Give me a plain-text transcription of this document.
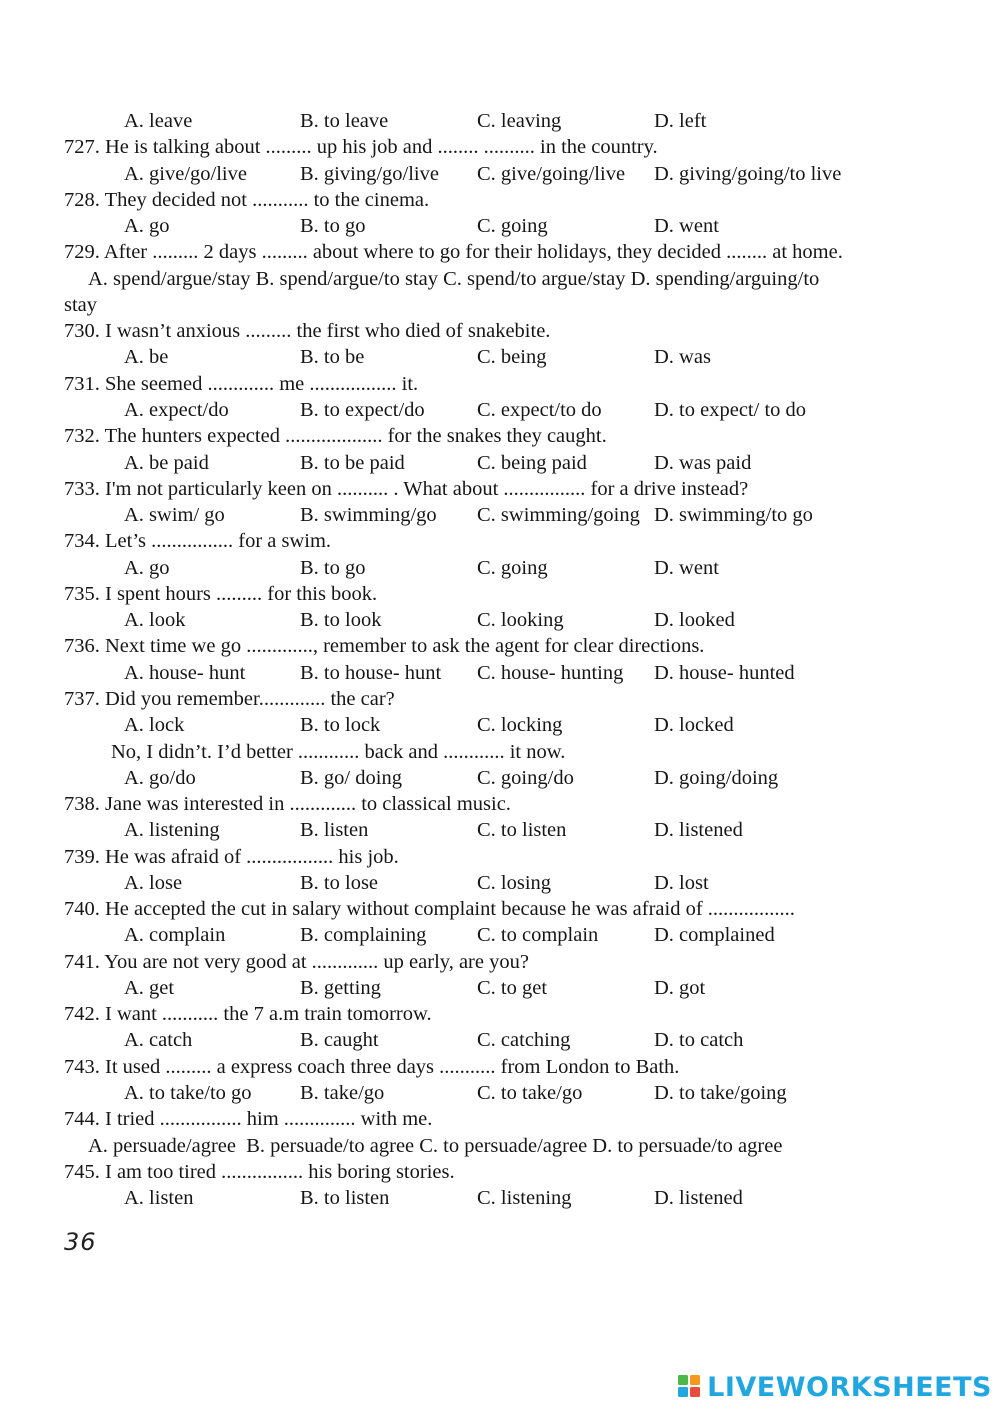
A. leave	B. to leave	C. leaving	D. left
727. He is talking about ......... up his job and ........ .......... in the country.
A. give/go/live	B. giving/go/live C. give/going/live D. giving/going/to live
728. They decided not ........... to the cinema.
A. go	B. to go	C. going	D. went
729. After ......... 2 days ......... about where to go for their holidays, they decided ........ at home.
A. spend/argue/stay B. spend/argue/to stay C. spend/to argue/stay D. spending/arguing/to
stay
730. I wasn’t anxious ......... the first who died of snakebite.
A. be	B. to be	C. being	D. was
731. She seemed ............. me ................. it.
A. expect/do	B. to expect/do	C. expect/to do	D. to expect/ to do
732. The hunters expected ................... for the snakes they caught.
A. be paid	B. to be paid	C. being paid	D. was paid
733. I'm not particularly keen on .......... . What about ................ for a drive instead?
A. swim/ go	B. swimming/go C. swimming/going D. swimming/to go
734. Let’s ................ for a swim.
A. go	B. to go	C. going	D. went
735. I spent hours ......... for this book.
A. look	B. to look	C. looking	D. looked
736. Next time we go ............., remember to ask the agent for clear directions.
A. house- hunt	B. to house- hunt C. house- hunting D. house- hunted
737. Did you remember............. the car?
A. lock	B. to lock	C. locking	D. locked
No, I didn’t. I’d better ............ back and ............ it now.
A. go/do	B. go/ doing	C. going/do	D. going/doing
738. Jane was interested in ............. to classical music.
A. listening	B. listen	C. to listen	D. listened
739. He was afraid of ................. his job.
A. lose	B. to lose	C. losing	D. lost
740. He accepted the cut in salary without complaint because he was afraid of .................
A. complain	B. complaining C. to complain	D. complained
741. You are not very good at ............. up early, are you?
A. get	B. getting	C. to get	D. got
742. I want ........... the 7 a.m train tomorrow.
A. catch	B. caught	C. catching	D. to catch
743. It used ......... a express coach three days ........... from London to Bath.
A. to take/to go B. take/go	C. to take/go	D. to take/going
744. I tried ................ him .............. with me.
A. persuade/agree  B. persuade/to agree C. to persuade/agree D. to persuade/to agree
745. I am too tired ................ his boring stories.
A. listen	B. to listen	C. listening	D. listened
36
LIVEWORKSHEETS
